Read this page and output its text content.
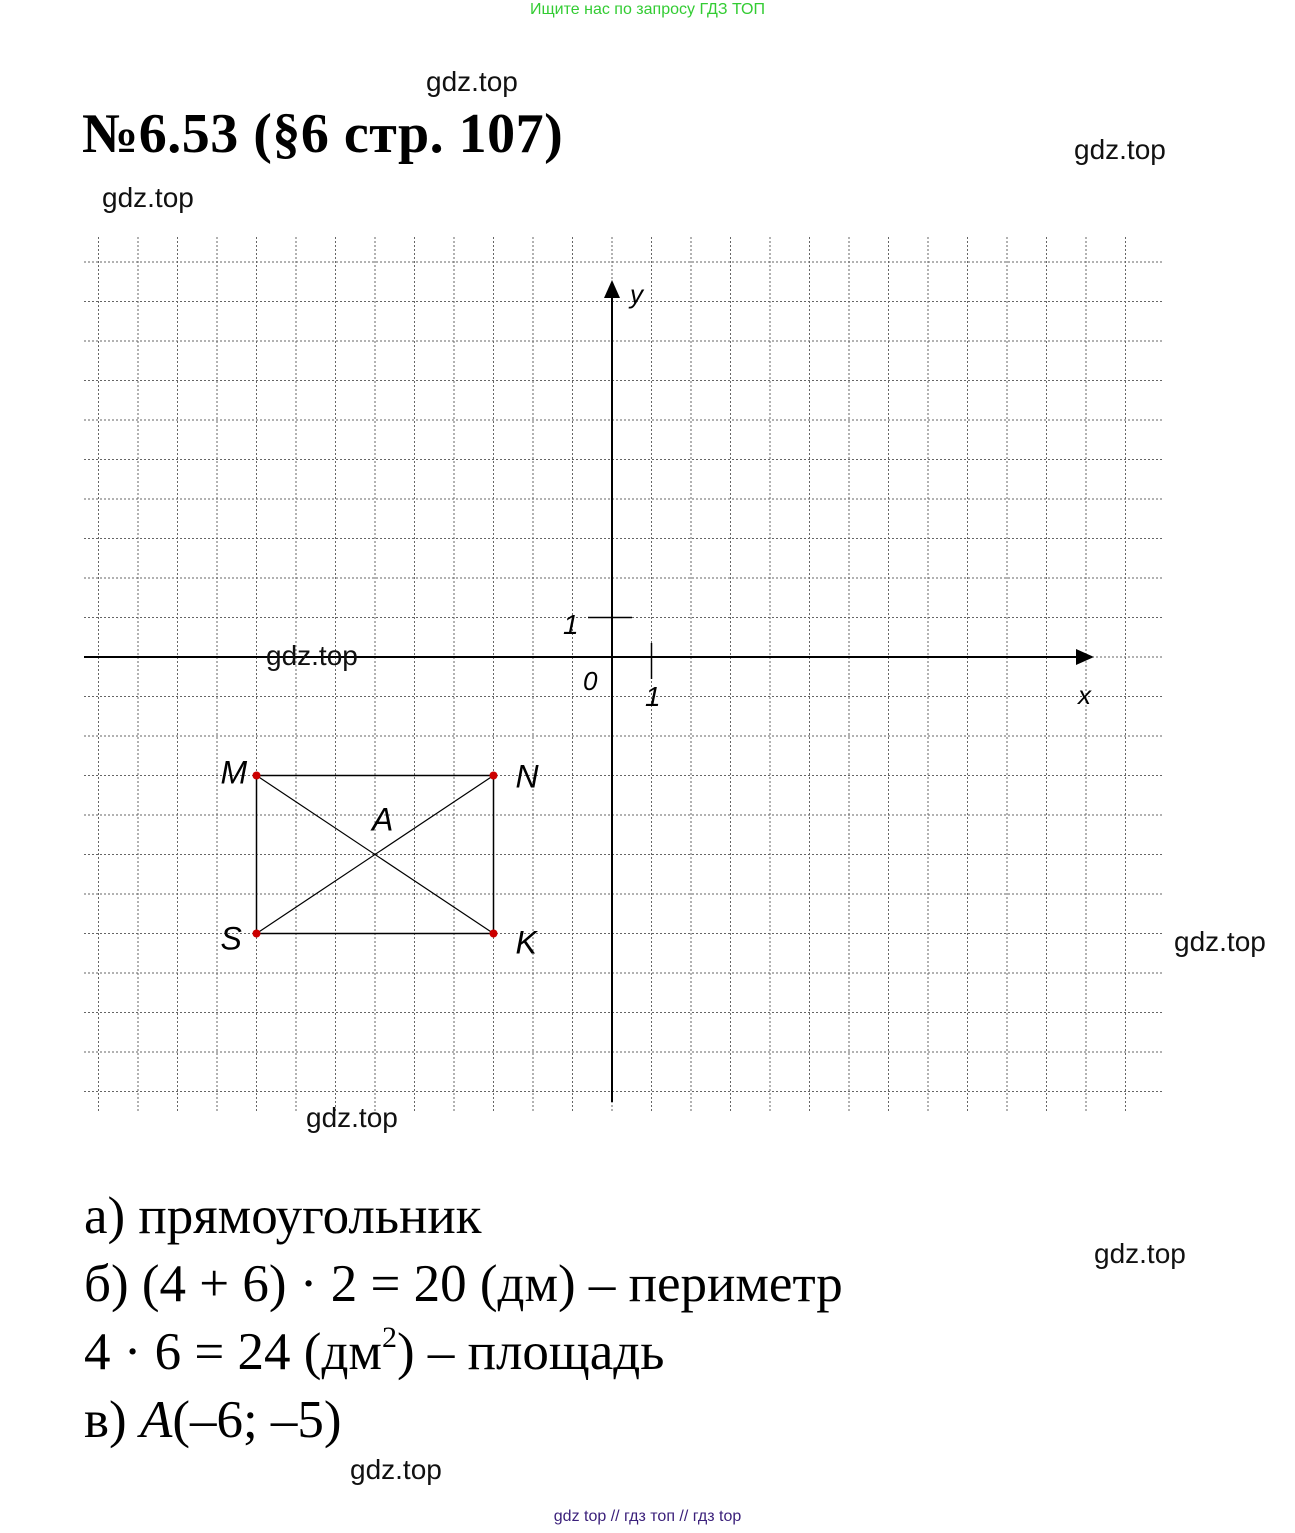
Ищите нас по запросу ГДЗ ТОП
gdz.top
gdz.top
gdz.top
№6.53 (§6 стр. 107)
y
x
0 1
1
M	N
K
S
A
gdz.top
gdz.top
gdz.top
а) прямоугольник
gdz.top
б) (4 + 6) · 2 = 20 (дм) – периметр
4 · 6 = 24 $(дм^2)$ – площадь
в) A(–6; –5)
gdz.top
gdz top // гдз топ // гдз top
